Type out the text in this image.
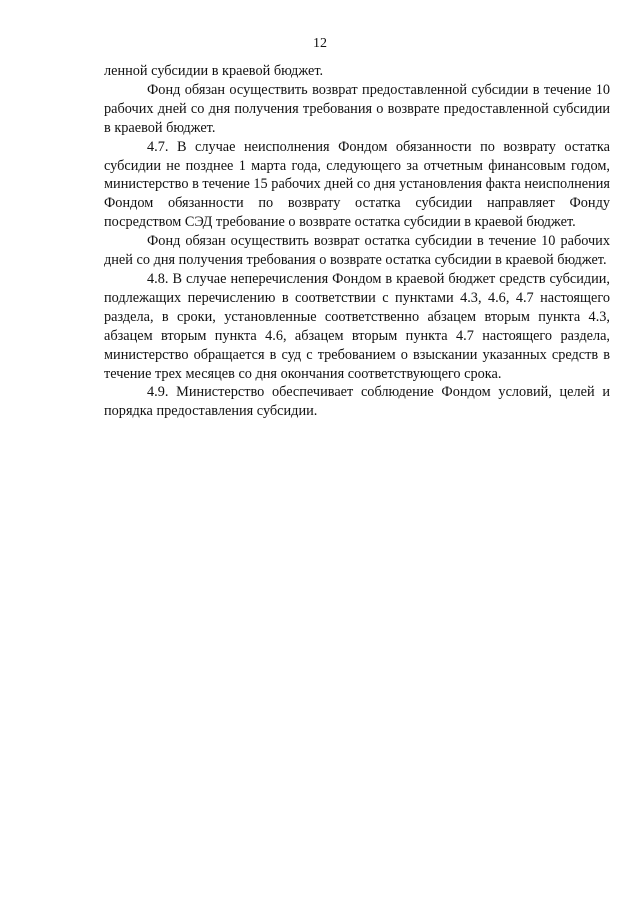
12

ленной субсидии в краевой бюджет.

Фонд обязан осуществить возврат предоставленной субсидии в течение 10 рабочих дней со дня получения требования о возврате предоставленной субсидии в краевой бюджет.

4.7. В случае неисполнения Фондом обязанности по возврату остатка субсидии не позднее 1 марта года, следующего за отчетным финансовым годом, министерство в течение 15 рабочих дней со дня установления факта неисполнения Фондом обязанности по возврату остатка субсидии направляет Фонду посредством СЭД требование о возврате остатка субсидии в краевой бюджет.

Фонд обязан осуществить возврат остатка субсидии в течение 10 рабочих дней со дня получения требования о возврате остатка субсидии в краевой бюджет.

4.8. В случае неперечисления Фондом в краевой бюджет средств субсидии, подлежащих перечислению в соответствии с пунктами 4.3, 4.6, 4.7 настоящего раздела, в сроки, установленные соответственно абзацем вторым пункта 4.3, абзацем вторым пункта 4.6, абзацем вторым пункта 4.7 настоящего раздела, министерство обращается в суд с требованием о взыскании указанных средств в течение трех месяцев со дня окончания соответствующего срока.

4.9. Министерство обеспечивает соблюдение Фондом условий, целей и порядка предоставления субсидии.
